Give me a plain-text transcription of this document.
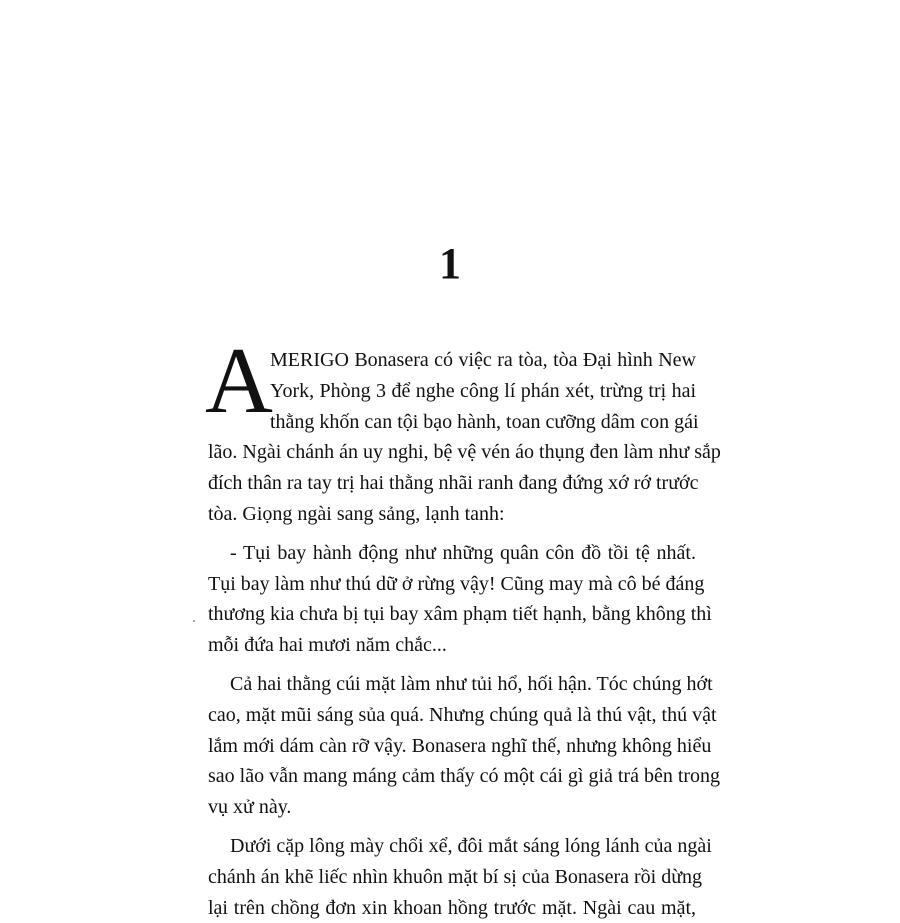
1
A
MERIGO Bonasera có việc ra tòa, tòa Đại hình New
York, Phòng 3 để nghe công lí phán xét, trừng trị hai
thằng khốn can tội bạo hành, toan cưỡng dâm con gái
lão. Ngài chánh án uy nghi, bệ vệ vén áo thụng đen làm như sắp
đích thân ra tay trị hai thằng nhãi ranh đang đứng xớ rớ trước
tòa. Giọng ngài sang sảng, lạnh tanh:
- Tụi bay hành động như những quân côn đồ tồi tệ nhất.
Tụi bay làm như thú dữ ở rừng vậy! Cũng may mà cô bé đáng
thương kia chưa bị tụi bay xâm phạm tiết hạnh, bằng không thì
mỗi đứa hai mươi năm chắc...
Cả hai thằng cúi mặt làm như tủi hổ, hối hận. Tóc chúng hớt
cao, mặt mũi sáng sủa quá. Nhưng chúng quả là thú vật, thú vật
lắm mới dám càn rỡ vậy. Bonasera nghĩ thế, nhưng không hiểu
sao lão vẫn mang máng cảm thấy có một cái gì giả trá bên trong
vụ xử này.
Dưới cặp lông mày chổi xể, đôi mắt sáng lóng lánh của ngài
chánh án khẽ liếc nhìn khuôn mặt bí sị của Bonasera rồi dừng
lại trên chồng đơn xin khoan hồng trước mặt. Ngài cau mặt,
